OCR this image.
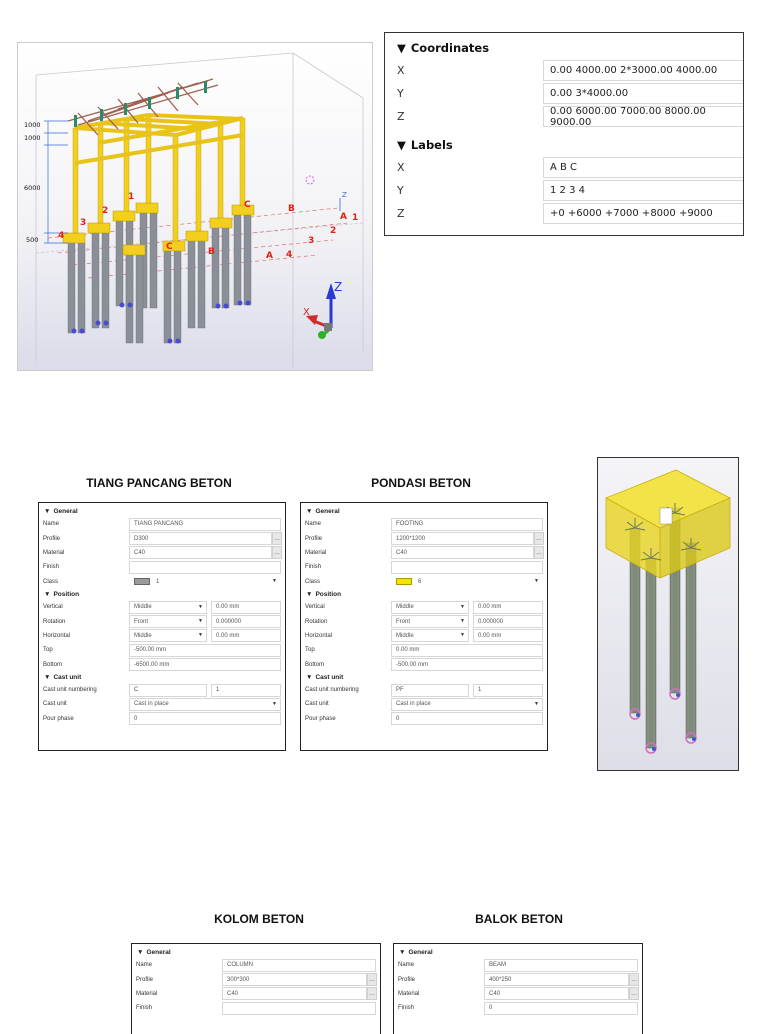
1000
1000
6000
500
1
2
3
4
A
B
C
B
A
C
1
2
3
4
Z
Z
X
▼ Coordinates
X	0.00 4000.00 2*3000.00 4000.00
Y	0.00 3*4000.00
Z	0.00 6000.00 7000.00 8000.00 9000.00
▼ Labels
X	A B C
Y	1 2 3 4
Z	+0 +6000 +7000 +8000 +9000
TIANG PANCANG BETON	PONDASI BETON
▼ General
Name	TIANG PANCANG
Profile	D300	…
Material	C40	…
Finish
Class	1	▼
▼ Position
Vertical	Middle	▼	0.00 mm
Rotation	Front	▼	0.000000
Horizontal	Middle	▼	0.00 mm
Top	-500.00 mm
Bottom	-6500.00 mm
▼ Cast unit
Cast unit numbering	C	1
Cast unit	Cast in place	▼
Pour phase	0
▼ General
Name	FOOTING
Profile	1200*1200	…
Material	C40	…
Finish
Class	6	▼
▼ Position
Vertical	Middle	▼	0.00 mm
Rotation	Front	▼	0.000000
Horizontal	Middle	▼	0.00 mm
Top	0.00 mm
Bottom	-500.00 mm
▼ Cast unit
Cast unit numbering	PF	1
Cast unit	Cast in place	▼
Pour phase	0
KOLOM BETON	BALOK BETON
▼ General
Name	COLUMN
Profile	300*300	…
Material	C40	…
Finish
▼ General
Name	BEAM
Profile	400*250	…
Material	C40	…
Finish	0
